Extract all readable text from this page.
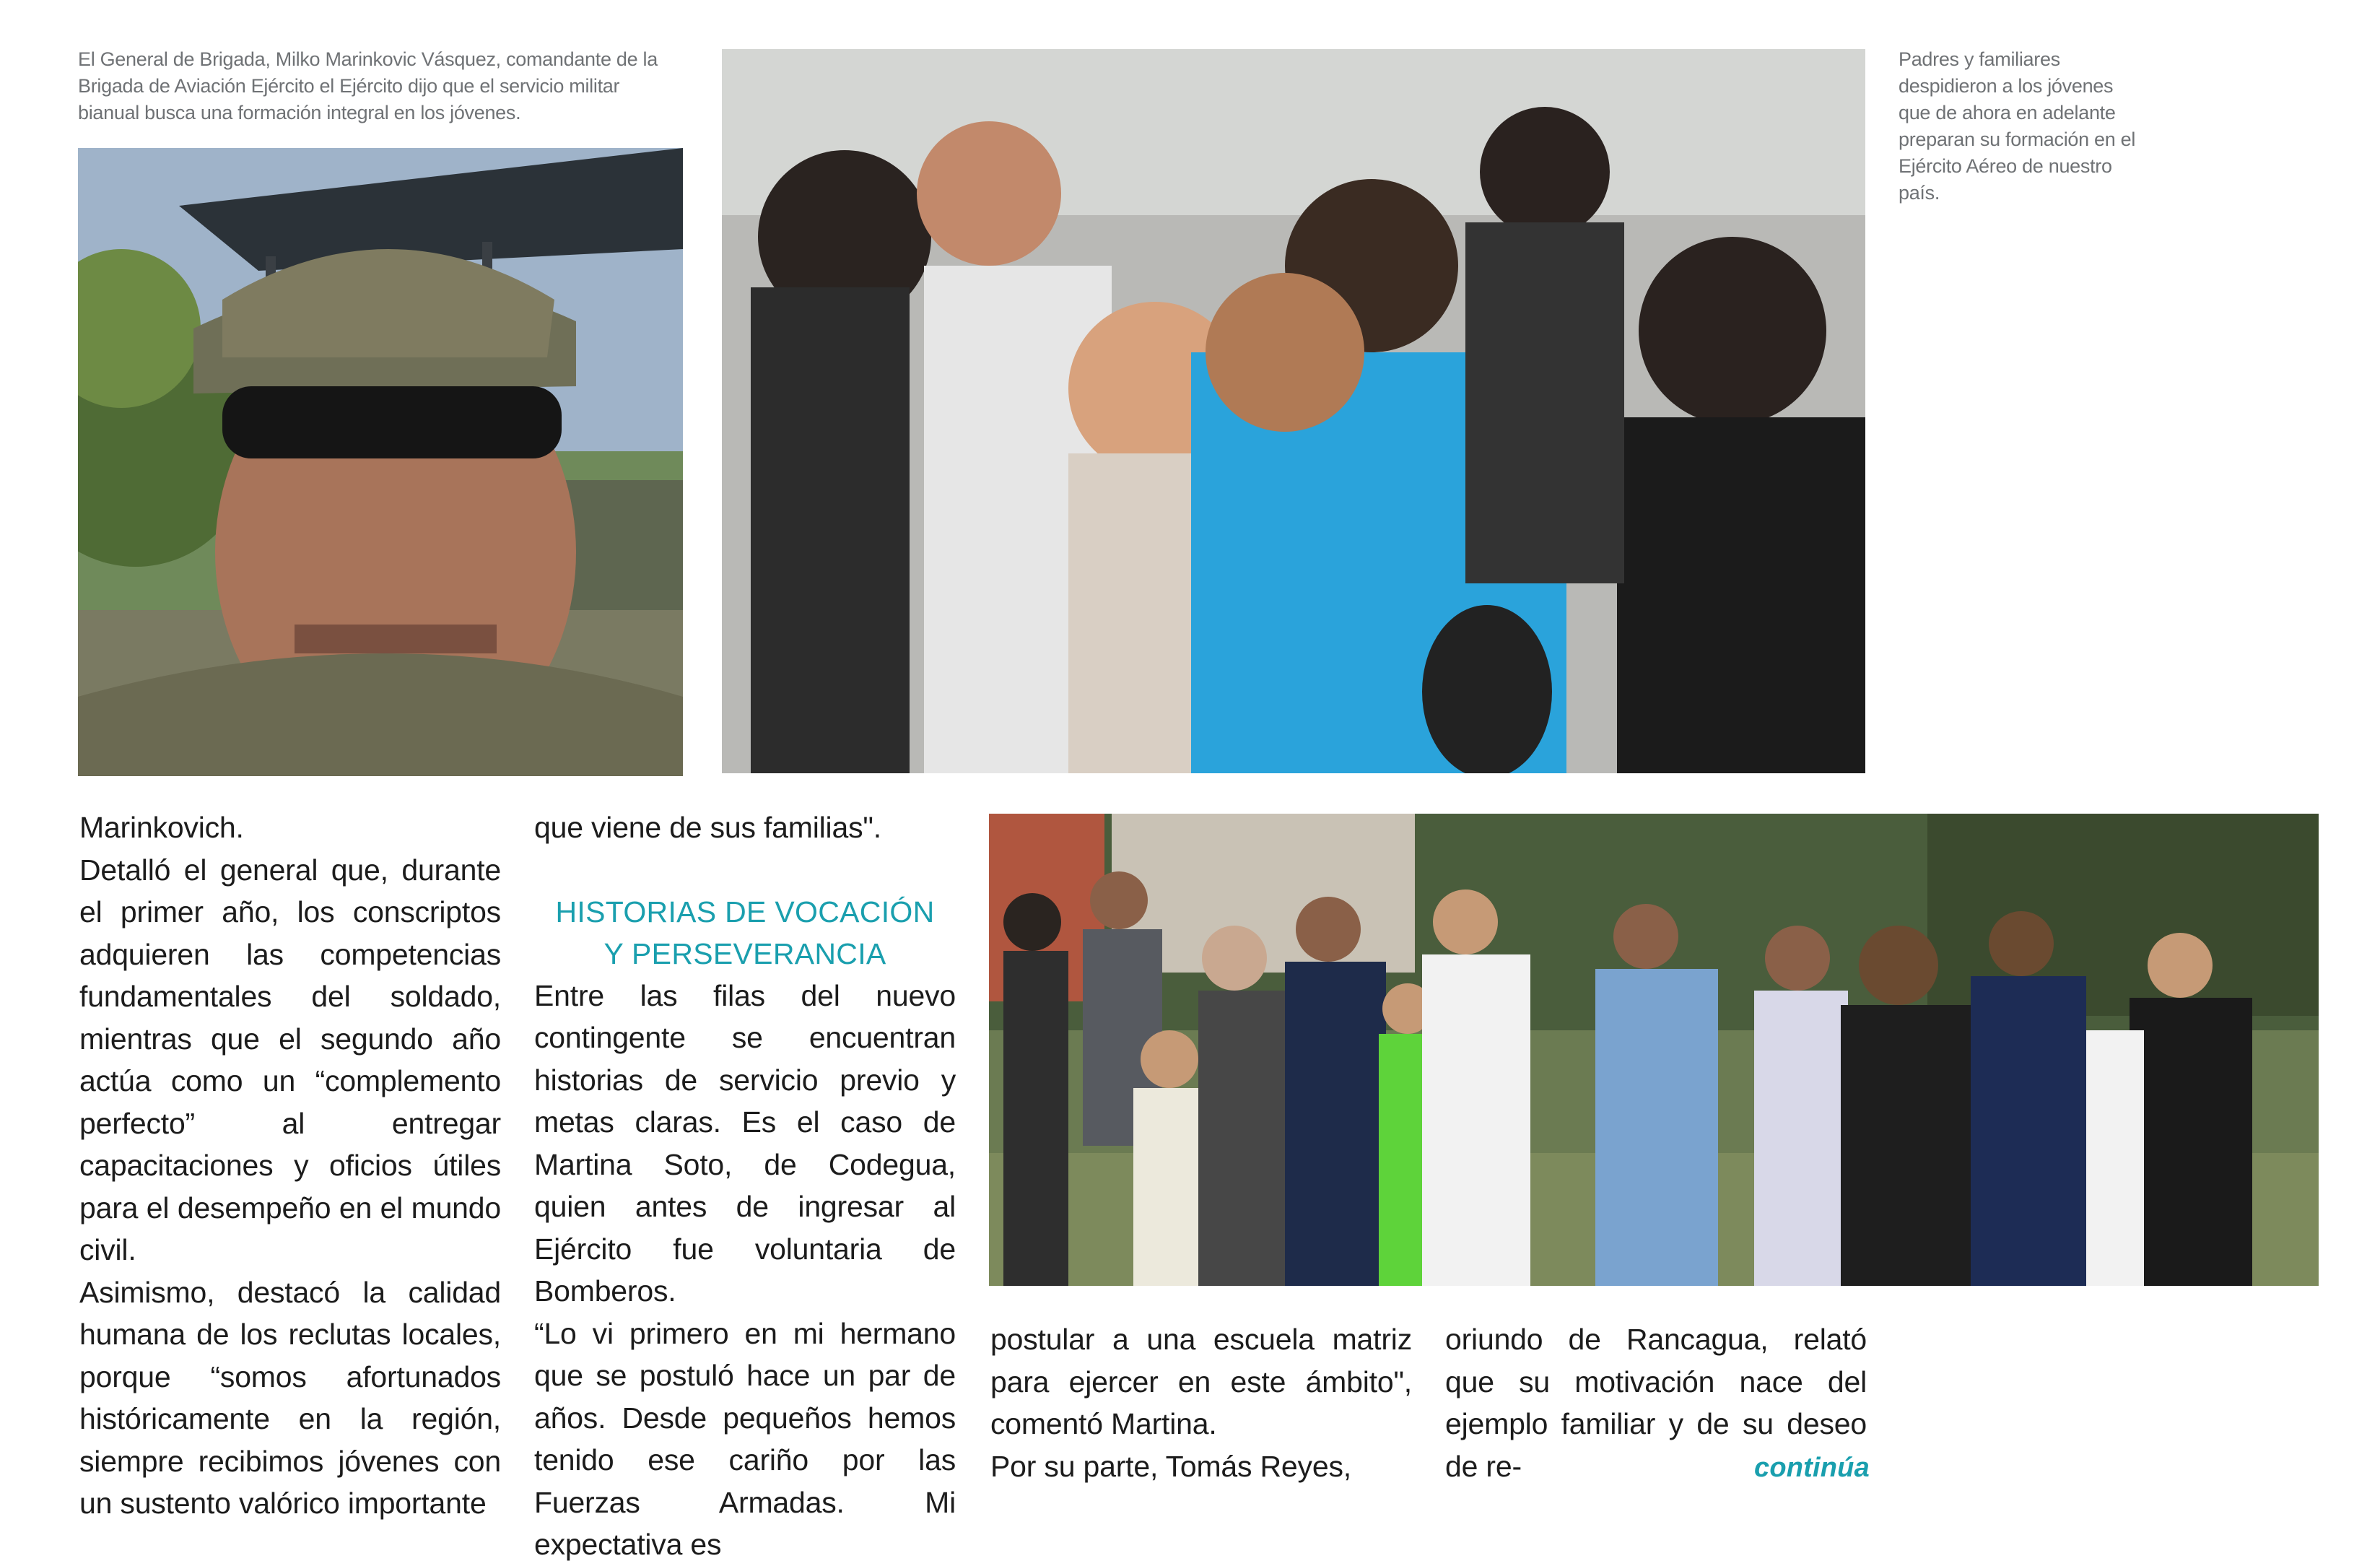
El General de Brigada, Milko Marinkovic Vásquez, comandante de la Brigada de Aviación Ejército el Ejército dijo que el servicio militar bianual busca una formación integral en los jóvenes.
Padres y familiares despidieron a los jóvenes que de ahora en adelante preparan su formación en el Ejército Aéreo de nuestro país.

Marinkovich.

Detalló el general que, durante el primer año, los conscriptos adquieren las competencias fundamentales del soldado, mientras que el segundo año actúa como un “complemento perfecto” al entregar capacitaciones y oficios útiles para el desempeño en el mundo civil.

Asimismo, destacó la calidad humana de los reclutas locales, porque “somos afortunados históricamente en la región, siempre recibimos jóvenes con un sustento valórico importante

que viene de sus familias".

HISTORIAS DE VOCACIÓN
Y PERSEVERANCIA

Entre las filas del nuevo contingente se encuentran historias de servicio previo y metas claras. Es el caso de Martina Soto, de Codegua, quien antes de ingresar al Ejército fue voluntaria de Bomberos.

“Lo vi primero en mi hermano que se postuló hace un par de años. Desde pequeños hemos tenido ese cariño por las Fuerzas Armadas. Mi expectativa es

postular a una escuela matriz para ejercer en este ámbito", comentó Martina.

Por su parte, Tomás Reyes,

oriundo de Rancagua, relató que su motivación nace del ejemplo familiar y de su deseo de re-	continúa
